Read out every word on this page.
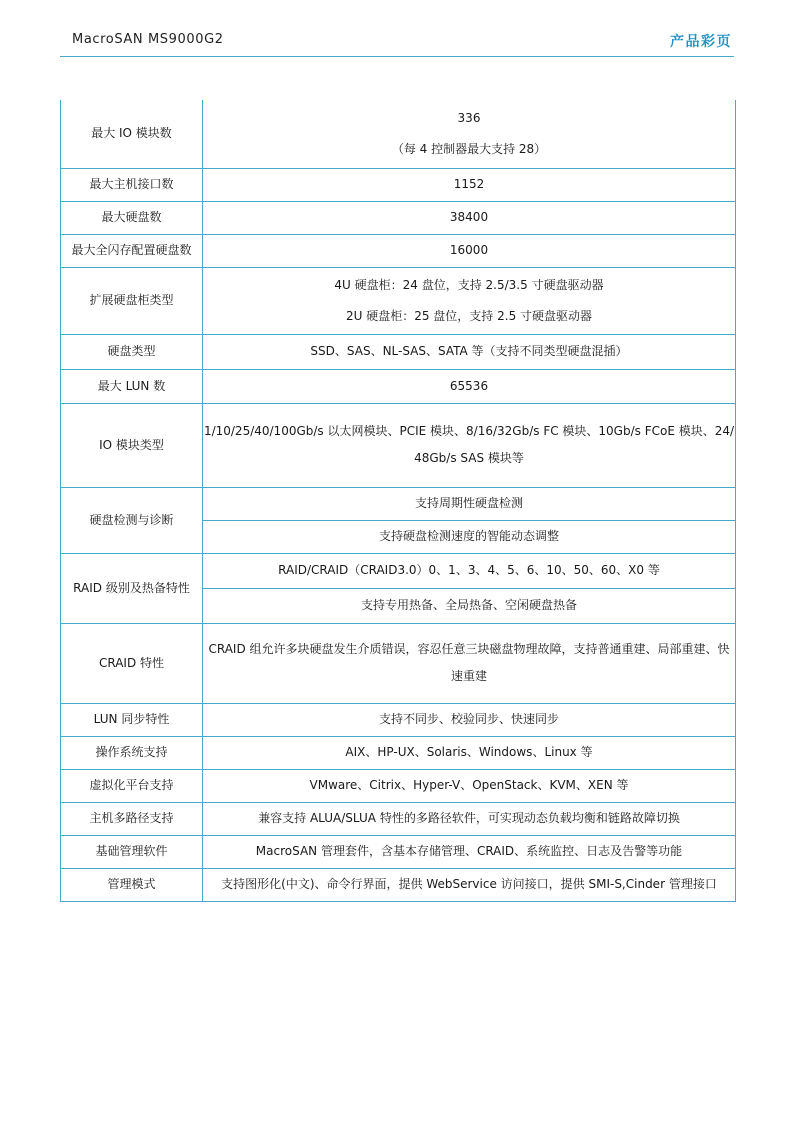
MacroSAN MS9000G2	产品彩页
最大 IO 模块数	336
（每 4 控制器最大支持 28）

最大主机接口数	1152
最大硬盘数	38400
最大全闪存配置硬盘数	16000
扩展硬盘柜类型	4U 硬盘柜：24 盘位，支持 2.5/3.5 寸硬盘驱动器
2U 硬盘柜：25 盘位，支持 2.5 寸硬盘驱动器

硬盘类型	SSD、SAS、NL-SAS、SATA 等（支持不同类型硬盘混插）
最大 LUN 数	65536
IO 模块类型	1/10/25/40/100Gb/s 以太网模块、PCIE 模块、8/16/32Gb/s FC 模块、10Gb/s FCoE 模块、24/48Gb/s SAS 模块等
硬盘检测与诊断	支持周期性硬盘检测
	支持硬盘检测速度的智能动态调整
RAID 级别及热备特性	RAID/CRAID（CRAID3.0）0、1、3、4、5、6、10、50、60、X0 等
	支持专用热备、全局热备、空闲硬盘热备
CRAID 特性	CRAID 组允许多块硬盘发生介质错误，容忍任意三块磁盘物理故障，支持普通重建、局部重建、快速重建
LUN 同步特性	支持不同步、校验同步、快速同步
操作系统支持	AIX、HP-UX、Solaris、Windows、Linux 等
虚拟化平台支持	VMware、Citrix、Hyper-V、OpenStack、KVM、XEN 等
主机多路径支持	兼容支持 ALUA/SLUA 特性的多路径软件，可实现动态负载均衡和链路故障切换
基础管理软件	MacroSAN 管理套件，含基本存储管理、CRAID、系统监控、日志及告警等功能
管理模式	支持图形化(中文)、命令行界面，提供 WebService 访问接口，提供 SMI-S,Cinder 管理接口
